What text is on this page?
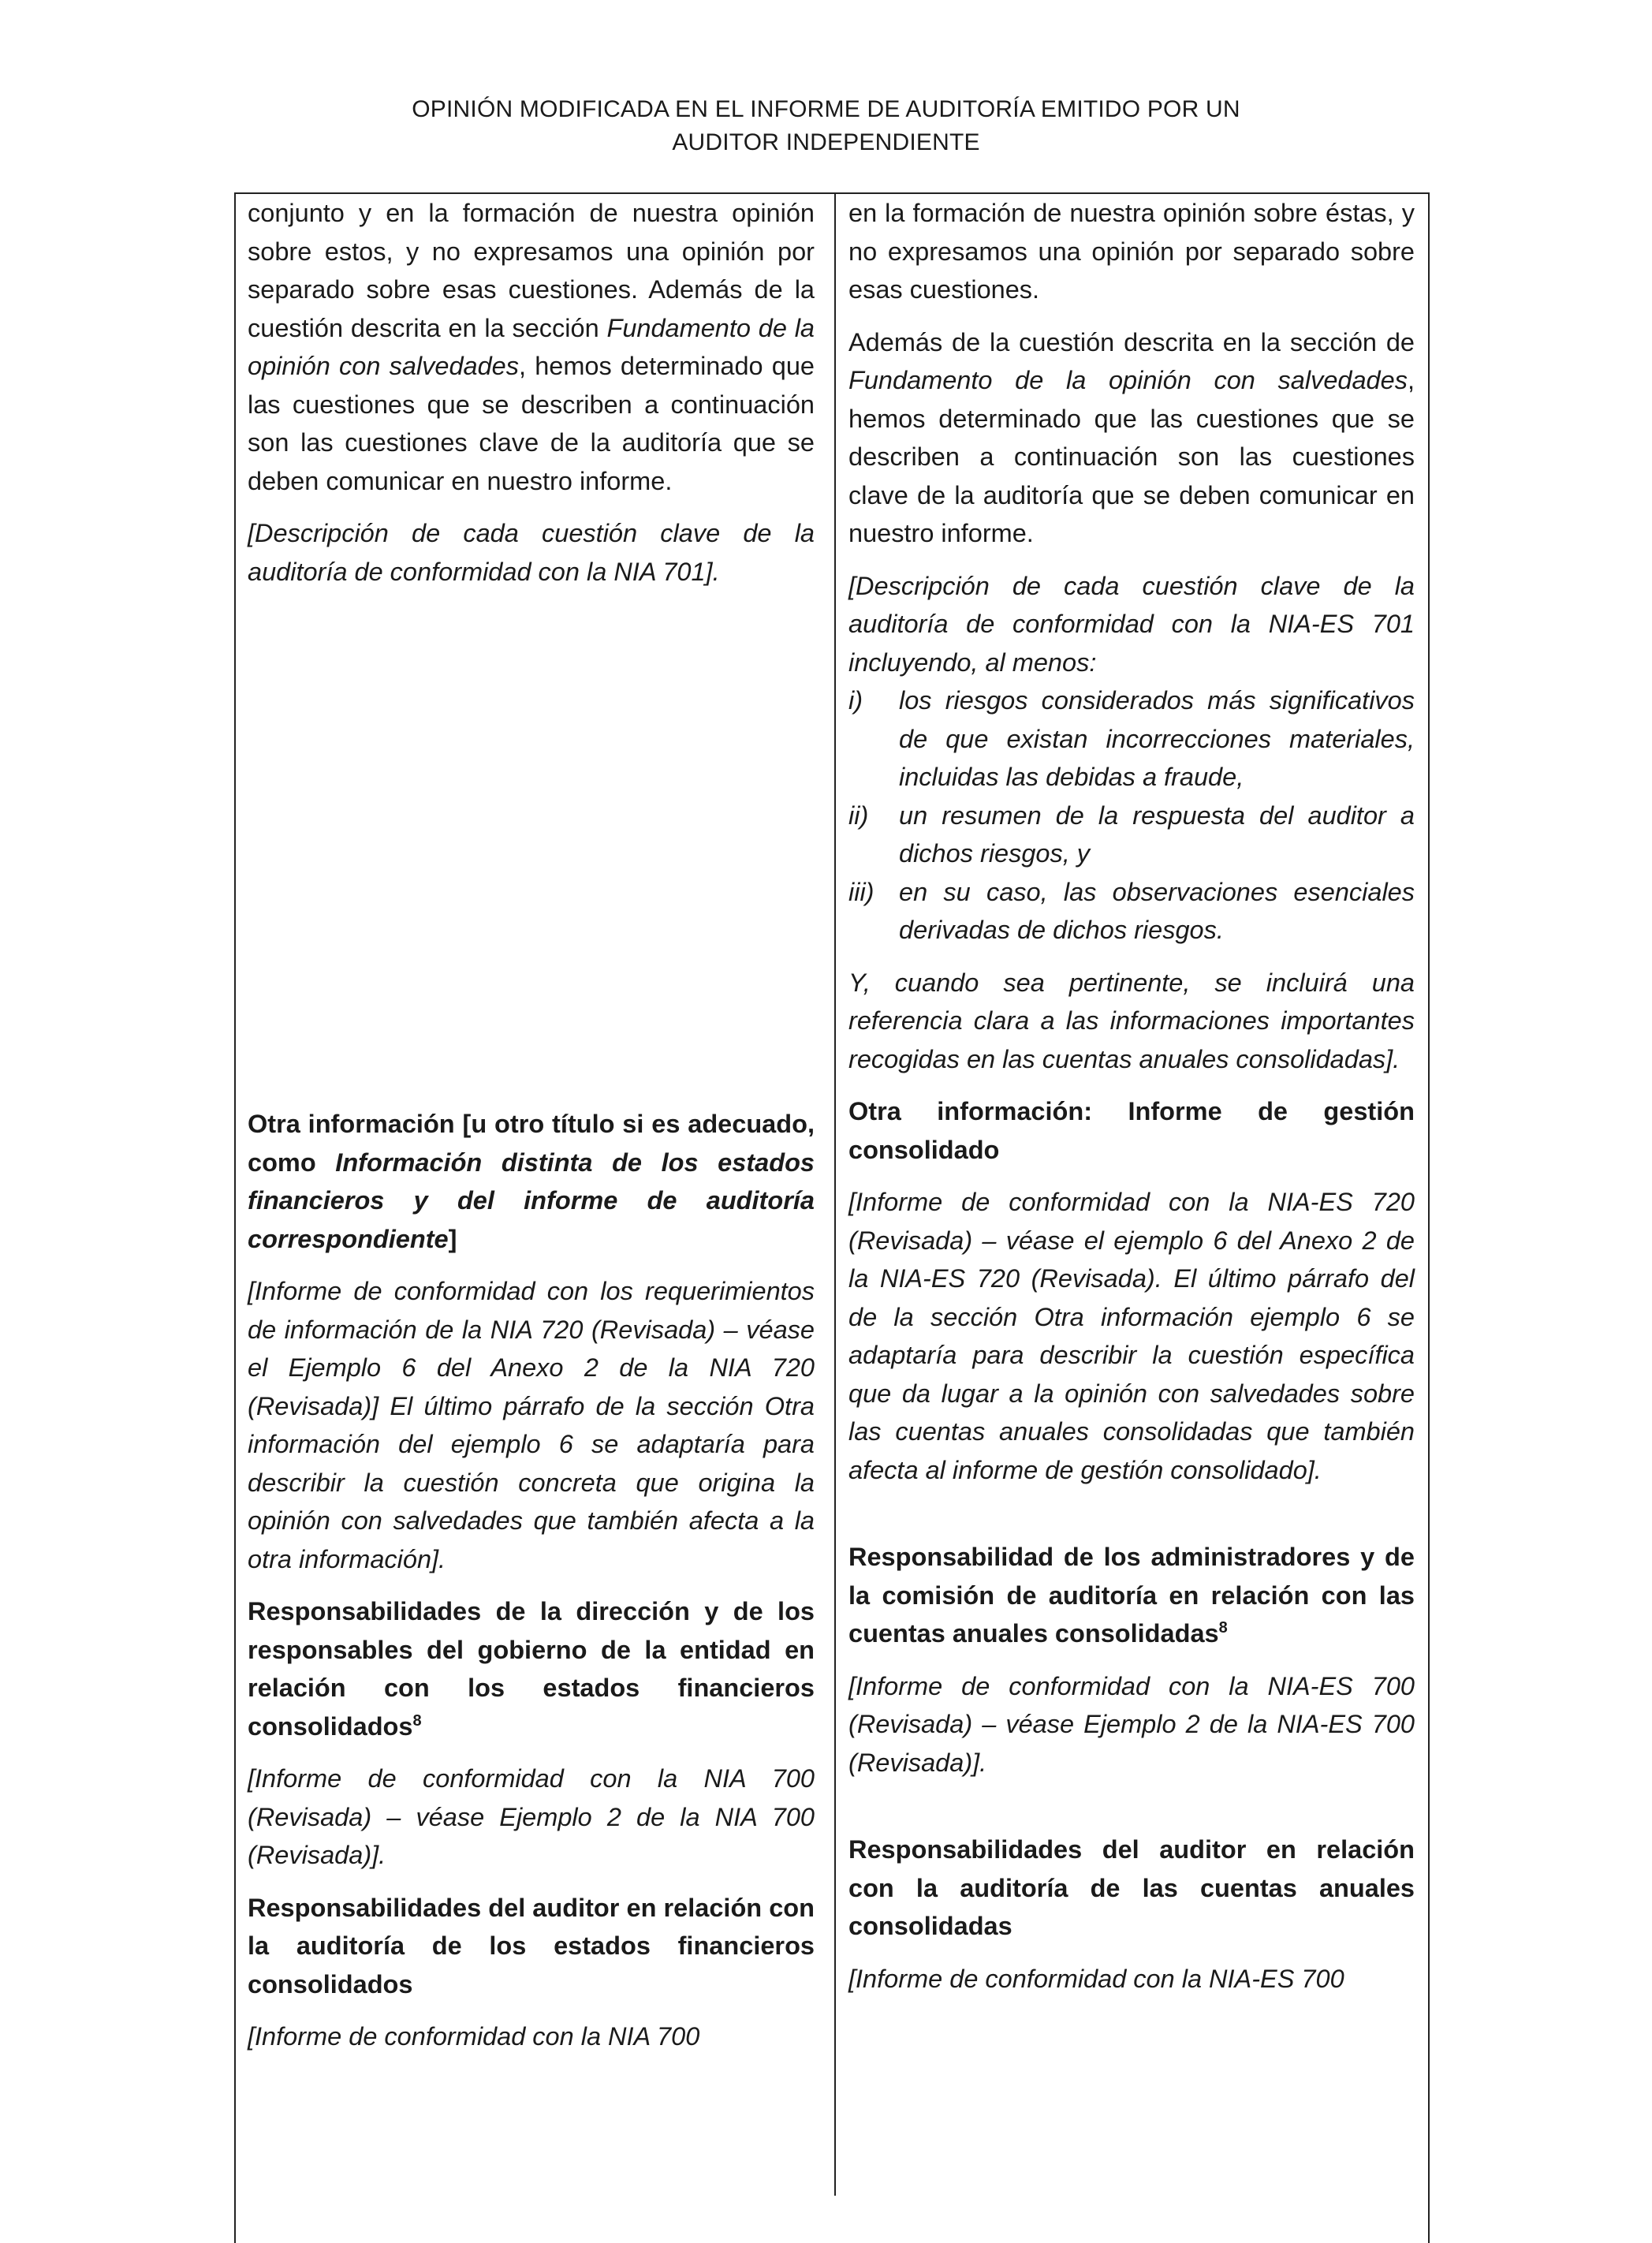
OPINIÓN MODIFICADA EN EL INFORME DE AUDITORÍA EMITIDO POR UN
AUDITOR INDEPENDIENTE

conjunto y en la formación de nuestra opinión sobre estos, y no expresamos una opinión por separado sobre esas cuestiones. Además de la cuestión descrita en la sección Fundamento de la opinión con salvedades, hemos determinado que las cuestiones que se describen a continuación son las cuestiones clave de la auditoría que se deben comunicar en nuestro informe.

[Descripción de cada cuestión clave de la auditoría de conformidad con la NIA 701].

Otra información [u otro título si es adecuado, como Información distinta de los estados financieros y del informe de auditoría correspondiente]

[Informe de conformidad con los requerimientos de información de la NIA 720 (Revisada) – véase el Ejemplo 6 del Anexo 2 de la NIA 720 (Revisada)] El último párrafo de la sección Otra información del ejemplo 6 se adaptaría para describir la cuestión concreta que origina la opinión con salvedades que también afecta a la otra información].

Responsabilidades de la dirección y de los responsables del gobierno de la entidad en relación con los estados financieros consolidados$^8$

[Informe de conformidad con la NIA 700 (Revisada) – véase Ejemplo 2 de la NIA 700 (Revisada)].

Responsabilidades del auditor en relación con la auditoría de los estados financieros consolidados

[Informe de conformidad con la NIA 700

en la formación de nuestra opinión sobre éstas, y no expresamos una opinión por separado sobre esas cuestiones.

Además de la cuestión descrita en la sección de Fundamento de la opinión con salvedades, hemos determinado que las cuestiones que se describen a continuación son las cuestiones clave de la auditoría que se deben comunicar en nuestro informe.

[Descripción de cada cuestión clave de la auditoría de conformidad con la NIA-ES 701 incluyendo, al menos:

i) los riesgos considerados más significativos de que existan incorrecciones materiales, incluidas las debidas a fraude,
ii) un resumen de la respuesta del auditor a dichos riesgos, y
iii) en su caso, las observaciones esenciales derivadas de dichos riesgos.

Y, cuando sea pertinente, se incluirá una referencia clara a las informaciones importantes recogidas en las cuentas anuales consolidadas].

Otra información: Informe de gestión consolidado

[Informe de conformidad con la NIA-ES 720 (Revisada) – véase el ejemplo 6 del Anexo 2 de la NIA-ES 720 (Revisada). El último párrafo del de la sección Otra información ejemplo 6 se adaptaría para describir la cuestión específica que da lugar a la opinión con salvedades sobre las cuentas anuales consolidadas que también afecta al informe de gestión consolidado].

Responsabilidad de los administradores y de la comisión de auditoría en relación con las cuentas anuales consolidadas$^8$

[Informe de conformidad con la NIA-ES 700 (Revisada) – véase Ejemplo 2 de la NIA-ES 700 (Revisada)].

Responsabilidades del auditor en relación con la auditoría de las cuentas anuales consolidadas

[Informe de conformidad con la NIA-ES 700
